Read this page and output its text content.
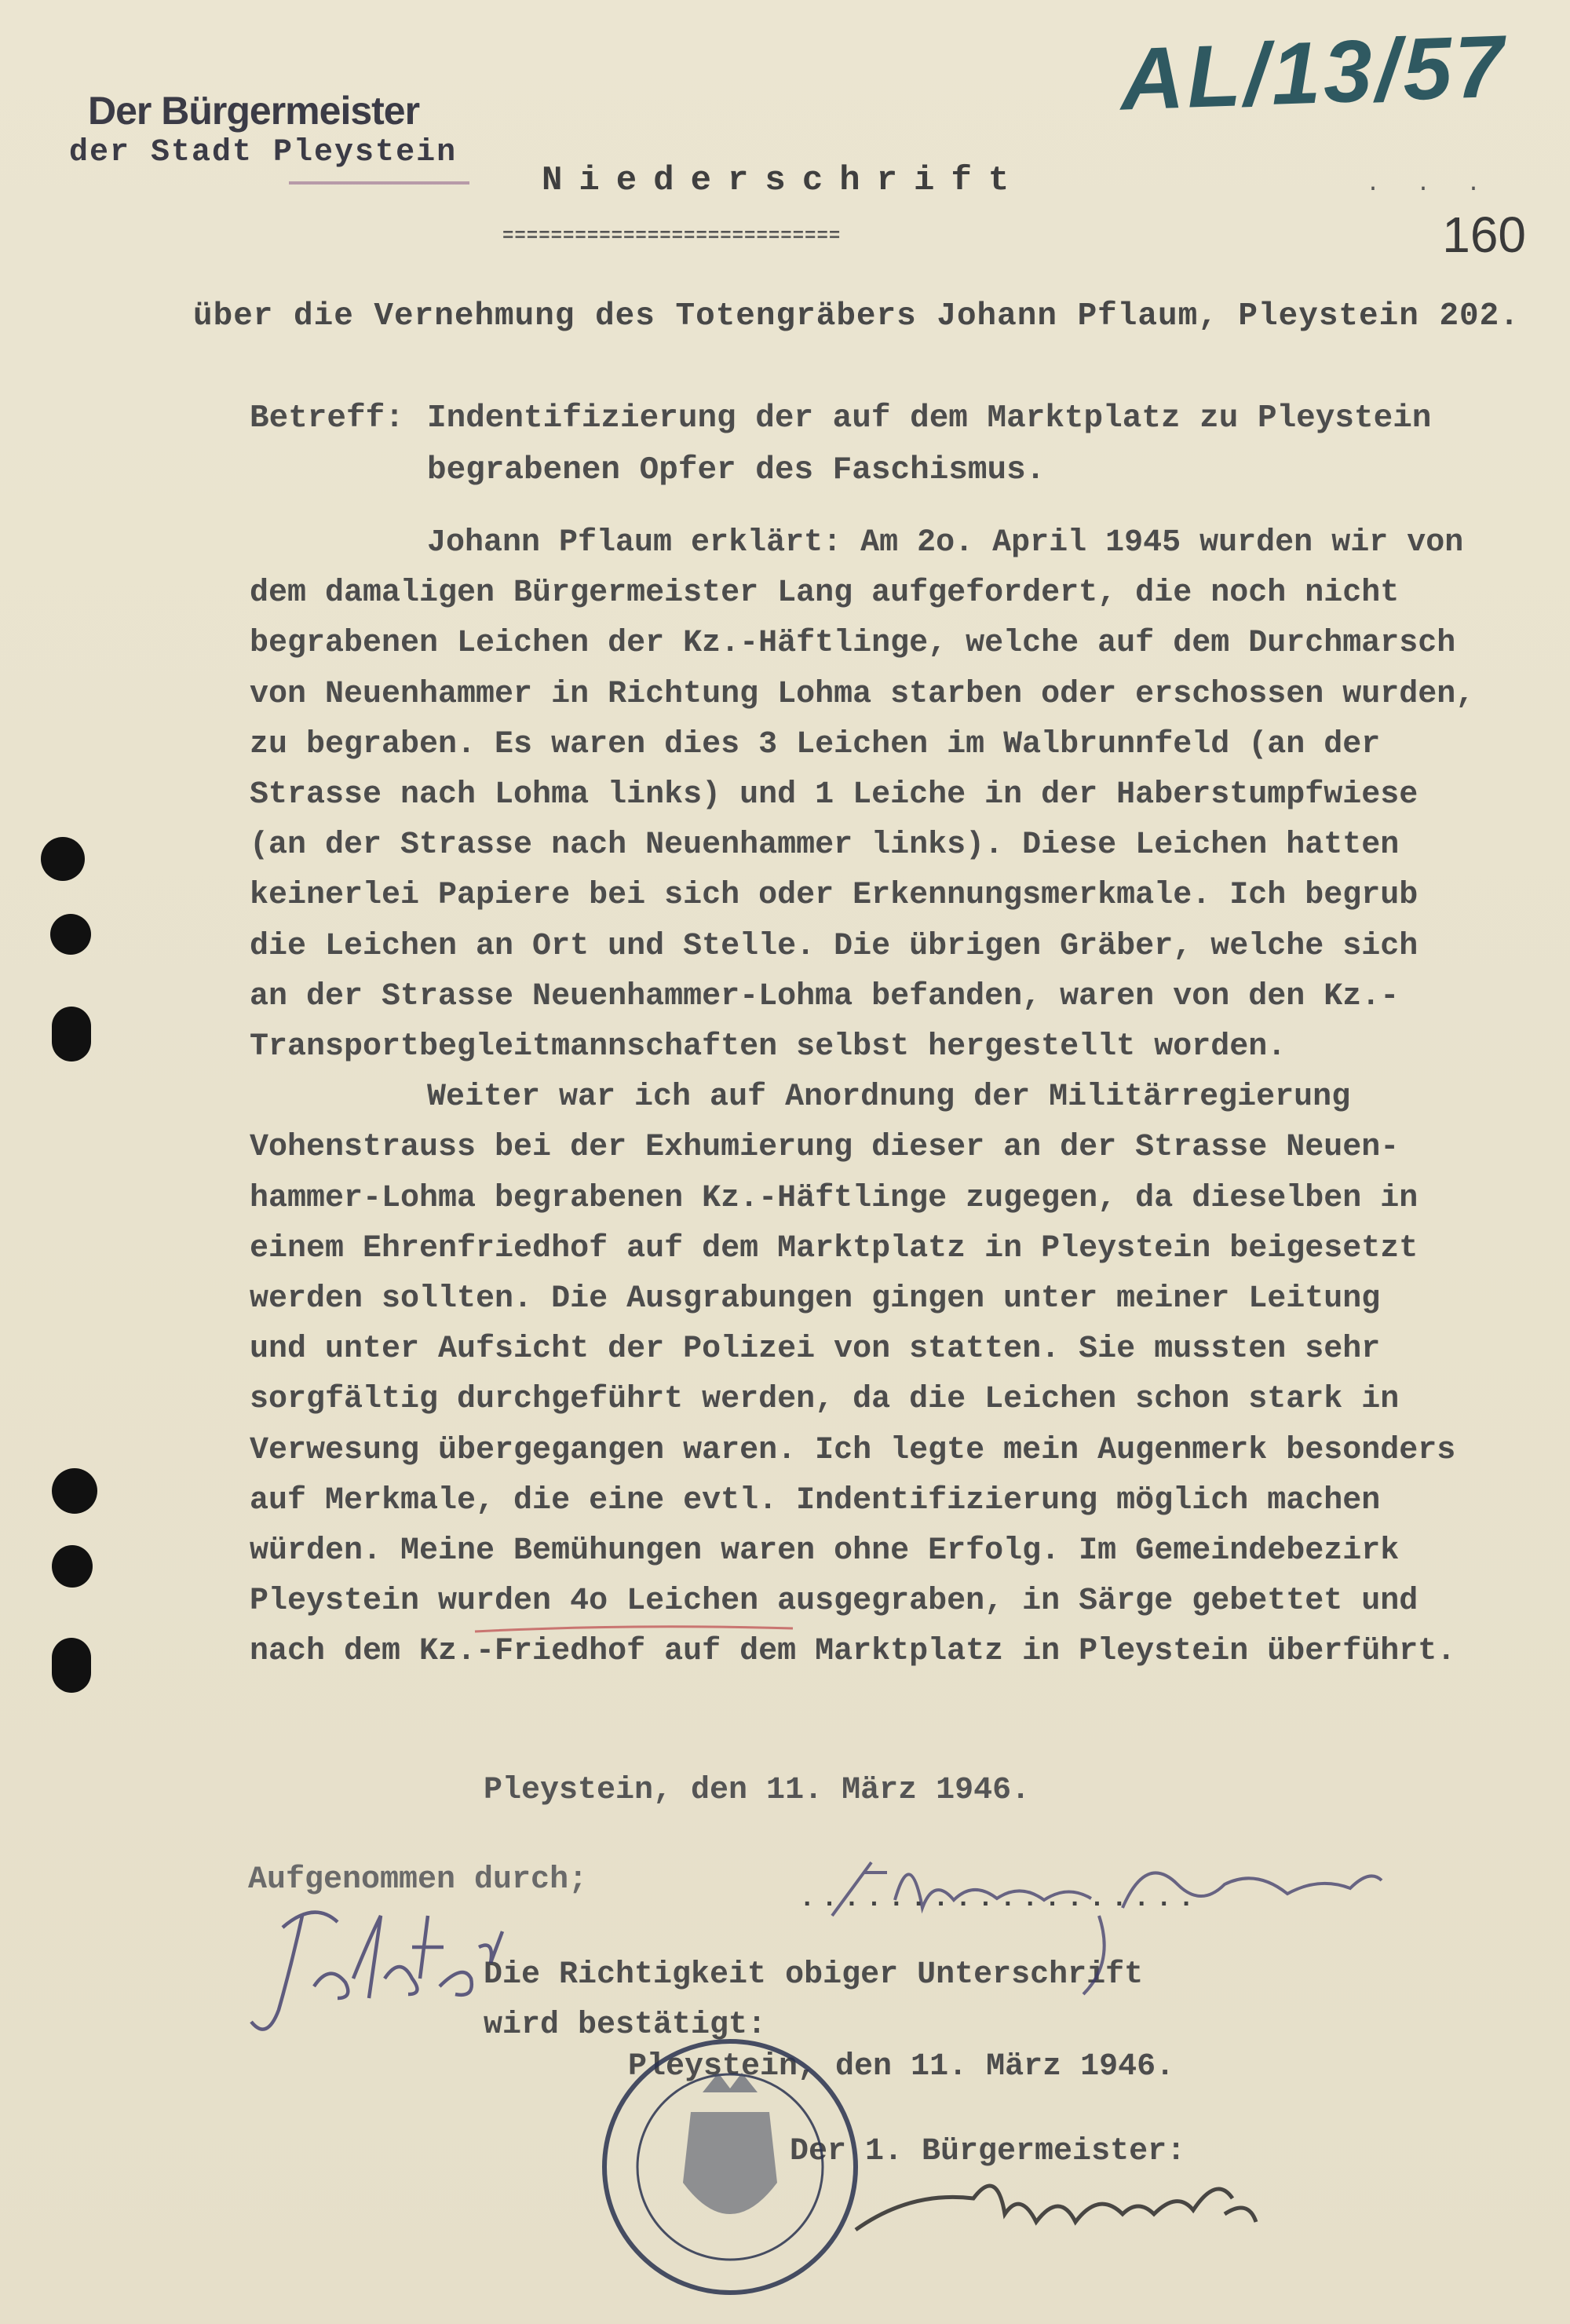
Der Bürgermeister
der Stadt Pleystein
AL/13/57
. . .
160
Niederschrift
============================
über die Vernehmung des Totengräbers Johann Pflaum, Pleystein 202.
Betreff: Indentifizierung der auf dem Marktplatz zu Pleystein
begrabenen Opfer des Faschismus.

Johann Pflaum erklärt: Am 2o. April 1945 wurden wir von

dem damaligen Bürgermeister Lang aufgefordert, die noch nicht

begrabenen Leichen der Kz.-Häftlinge, welche auf dem Durchmarsch

von Neuenhammer in Richtung Lohma starben oder erschossen wurden,

zu begraben. Es waren dies 3 Leichen im Walbrunnfeld (an der

Strasse nach Lohma links) und 1 Leiche in der Haberstumpfwiese

(an der Strasse nach Neuenhammer links). Diese Leichen hatten

keinerlei Papiere bei sich oder Erkennungsmerkmale. Ich begrub

die Leichen an Ort und Stelle. Die übrigen Gräber, welche sich

an der Strasse Neuenhammer-Lohma befanden, waren von den Kz.-

Transportbegleitmannschaften selbst hergestellt worden.

Weiter war ich auf Anordnung der Militärregierung

Vohenstrauss bei der Exhumierung dieser an der Strasse Neuen-

hammer-Lohma begrabenen Kz.-Häftlinge zugegen, da dieselben in

einem Ehrenfriedhof auf dem Marktplatz in Pleystein beigesetzt

werden sollten. Die Ausgrabungen gingen unter meiner Leitung

und unter Aufsicht der Polizei von statten. Sie mussten sehr

sorgfältig durchgeführt werden, da die Leichen schon stark in

Verwesung übergegangen waren. Ich legte mein Augenmerk besonders

auf Merkmale, die eine evtl. Indentifizierung möglich machen

würden. Meine Bemühungen waren ohne Erfolg. Im Gemeindebezirk

Pleystein wurden 4o Leichen ausgegraben, in Särge gebettet und

nach dem Kz.-Friedhof auf dem Marktplatz in Pleystein überführt.

Pleystein, den 11. März 1946.
Aufgenommen durch;
..................
Die Richtigkeit obiger Unterschrift
wird bestätigt:
Pleystein, den 11. März 1946.
Der 1. Bürgermeister:
